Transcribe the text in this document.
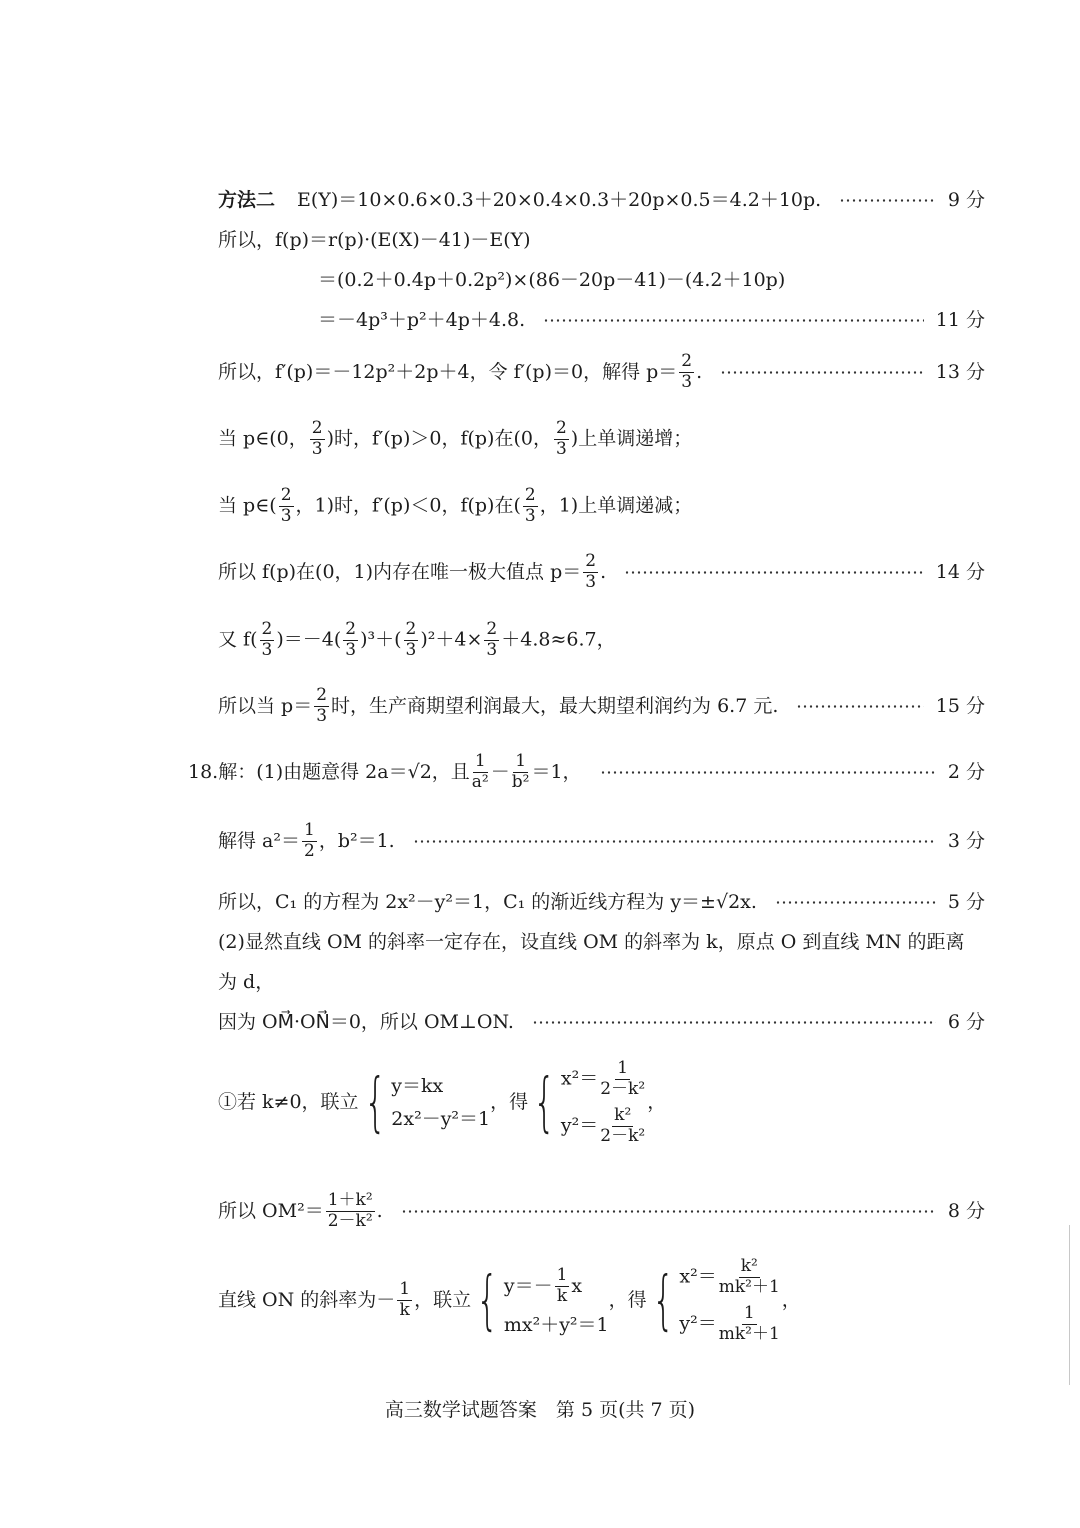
方法二 E(Y)＝10×0.6×0.3＋20×0.4×0.3＋20p×0.5＝4.2＋10p.	9 分
所以，f(p)＝r(p)·(E(X)－41)－E(Y)
＝(0.2＋0.4p＋0.2p²)×(86－20p－41)－(4.2＋10p)
＝－4p³＋p²＋4p＋4.8.	11 分
所以，f′(p)＝－12p²＋2p＋4，令 f′(p)＝0，解得 $p= \frac{2}{3}$ .	13 分
当 p∈(0， $\frac{2}{3}$ )时，f′(p)＞0，f(p)在(0， $\frac{2}{3}$ )上单调递增；
当 p∈( $\frac{2}{3}$ ，1)时，f′(p)＜0，f(p)在( $\frac{2}{3}$ ，1)上单调递减；
所以 f(p)在(0，1)内存在唯一极大值点 $p= \frac{2}{3}$ .	14 分
又 $f( \frac{2}{3} )=-4( \frac{2}{3} )^3+( \frac{2}{3} )^2+4\times \frac{2}{3} +4.8\approx 6.7$，
所以当 $p= \frac{2}{3}$ 时，生产商期望利润最大，最大期望利润约为 6.7 元.	15 分
18. 解：(1)由题意得 2a＝√2，且 $\frac{1}{\text{a²}} - \frac{1}{\text{b²}} =1$，	2 分
解得 $a^2= \frac{1}{2}$ ，b²＝1.	3 分
所以，C₁ 的方程为 2x²－y²＝1，C₁ 的渐近线方程为 y＝±√2x.	5 分
(2)显然直线 OM 的斜率一定存在，设直线 OM 的斜率为 k，原点 O 到直线 MN 的距离
为 d，
因为 OM⃗·ON⃗＝0，所以 OM⊥ON.	6 分
①若 k≠0，联立 { y＝kx
2x²－y²＝1
，得 { $x^2= \frac{1}{\text{2－k²}}$
$y^2= \frac{\text{k²}}{\text{2－k²}}$
，
所以 $OM^2= \frac{\text{1＋k²}}{\text{2－k²}}$ .	8 分
直线 ON 的斜率为－ $\frac{1}{k}$ ，联立 { $y=- \frac{1}{k}$ x
mx²＋y²＝1
，得 { $x^2= \frac{\text{k²}}{\text{mk²＋1}}$
$y^2= \frac{1}{\text{mk²＋1}}$
，
高三数学试题答案　第 5 页(共 7 页)
